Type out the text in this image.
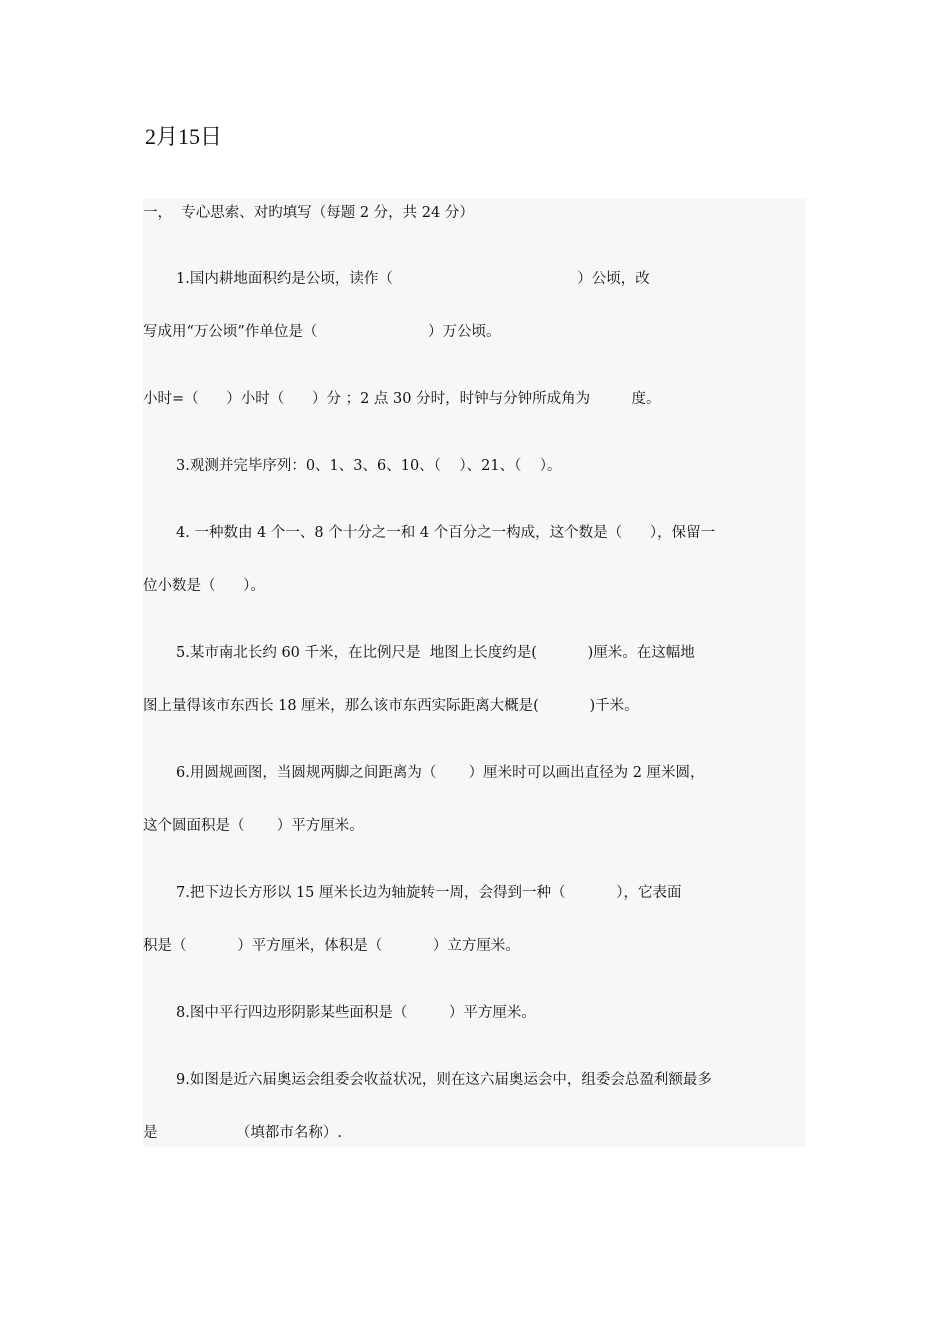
2月15日
一，  专心思索、对旳填写（每题 2 分，共 24 分）
1.国内耕地面积约是公顷，读作（                                        ）公顷，改
写成用“万公顷”作单位是（                        ）万公顷。
小时=（      ）小时（      ）分 ；2 点 30 分时，时钟与分钟所成角为         度。
3.观测并完毕序列：0、1、3、6、10、（    ）、21、（    ）。
4. 一种数由 4 个一、8 个十分之一和 4 个百分之一构成，这个数是（      ），保留一
位小数是（      ）。
5.某市南北长约 60 千米，在比例尺是  地图上长度约是(           )厘米。在这幅地
图上量得该市东西长 18 厘米，那么该市东西实际距离大概是(           )千米。
6.用圆规画图，当圆规两脚之间距离为（       ）厘米时可以画出直径为 2 厘米圆，
这个圆面积是（       ）平方厘米。
7.把下边长方形以 15 厘米长边为轴旋转一周，会得到一种（           ），它表面
积是（           ）平方厘米，体积是（           ）立方厘米。
8.图中平行四边形阴影某些面积是（         ）平方厘米。
9.如图是近六届奥运会组委会收益状况，则在这六届奥运会中，组委会总盈利额最多
是                 （填都市名称）.
